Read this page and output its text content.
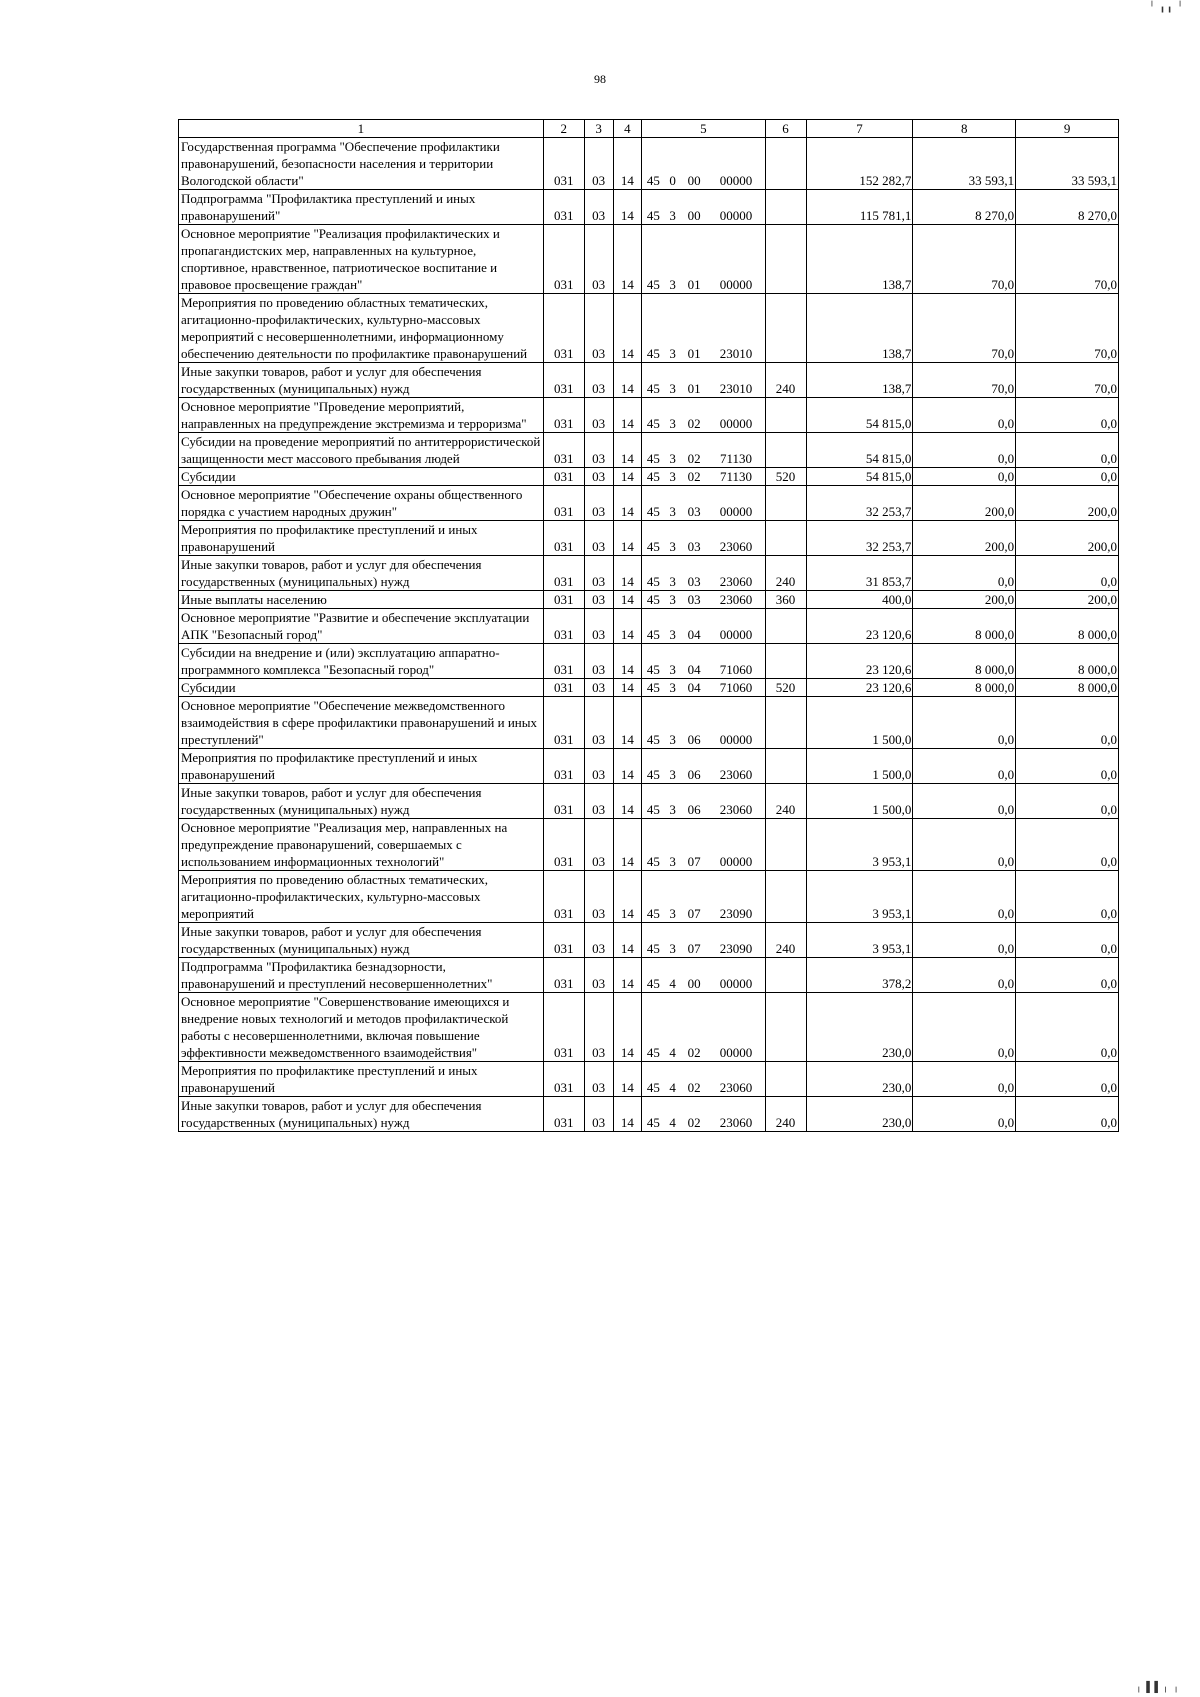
98
1	2	3	4	5				6	7	8	9
Государственная программа "Обеспечение профилактики правонарушений, безопасности населения и территории Вологодской области"	031	03	14	45	0	00	00000		152 282,7	33 593,1	33 593,1
Подпрограмма "Профилактика преступлений и иных правонарушений"	031	03	14	45	3	00	00000		115 781,1	8 270,0	8 270,0
Основное мероприятие "Реализация профилактических и пропагандистских мер, направленных на культурное, спортивное, нравственное, патриотическое воспитание и правовое просвещение граждан"	031	03	14	45	3	01	00000		138,7	70,0	70,0
Мероприятия по проведению областных тематических, агитационно-профилактических, культурно-массовых мероприятий с несовершеннолетними, информационному обеспечению деятельности по профилактике правонарушений	031	03	14	45	3	01	23010		138,7	70,0	70,0
Иные закупки товаров, работ и услуг для обеспечения государственных (муниципальных) нужд	031	03	14	45	3	01	23010	240	138,7	70,0	70,0
Основное мероприятие "Проведение мероприятий, направленных на предупреждение экстремизма и терроризма"	031	03	14	45	3	02	00000		54 815,0	0,0	0,0
Субсидии на проведение мероприятий по антитеррористической защищенности мест массового пребывания людей	031	03	14	45	3	02	71130		54 815,0	0,0	0,0
Субсидии	031	03	14	45	3	02	71130	520	54 815,0	0,0	0,0
Основное мероприятие "Обеспечение охраны общественного порядка с участием народных дружин"	031	03	14	45	3	03	00000		32 253,7	200,0	200,0
Мероприятия по профилактике преступлений и иных правонарушений	031	03	14	45	3	03	23060		32 253,7	200,0	200,0
Иные закупки товаров, работ и услуг для обеспечения государственных (муниципальных) нужд	031	03	14	45	3	03	23060	240	31 853,7	0,0	0,0
Иные выплаты населению	031	03	14	45	3	03	23060	360	400,0	200,0	200,0
Основное мероприятие "Развитие и обеспечение эксплуатации АПК "Безопасный город"	031	03	14	45	3	04	00000		23 120,6	8 000,0	8 000,0
Субсидии на внедрение и (или) эксплуатацию аппаратно-программного комплекса "Безопасный город"	031	03	14	45	3	04	71060		23 120,6	8 000,0	8 000,0
Субсидии	031	03	14	45	3	04	71060	520	23 120,6	8 000,0	8 000,0
Основное мероприятие "Обеспечение межведомственного взаимодействия в сфере профилактики правонарушений и иных преступлений"	031	03	14	45	3	06	00000		1 500,0	0,0	0,0
Мероприятия по профилактике преступлений и иных правонарушений	031	03	14	45	3	06	23060		1 500,0	0,0	0,0
Иные закупки товаров, работ и услуг для обеспечения государственных (муниципальных) нужд	031	03	14	45	3	06	23060	240	1 500,0	0,0	0,0
Основное мероприятие "Реализация мер, направленных на предупреждение правонарушений, совершаемых с использованием информационных технологий"	031	03	14	45	3	07	00000		3 953,1	0,0	0,0
Мероприятия по проведению областных тематических, агитационно-профилактических, культурно-массовых мероприятий	031	03	14	45	3	07	23090		3 953,1	0,0	0,0
Иные закупки товаров, работ и услуг для обеспечения государственных (муниципальных) нужд	031	03	14	45	3	07	23090	240	3 953,1	0,0	0,0
Подпрограмма "Профилактика безнадзорности, правонарушений и преступлений несовершеннолетних"	031	03	14	45	4	00	00000		378,2	0,0	0,0
Основное мероприятие "Совершенствование имеющихся и внедрение новых технологий и методов профилактической работы с несовершеннолетними, включая повышение эффективности межведомственного взаимодействия"	031	03	14	45	4	02	00000		230,0	0,0	0,0
Мероприятия по профилактике преступлений и иных правонарушений	031	03	14	45	4	02	23060		230,0	0,0	0,0
Иные закупки товаров, работ и услуг для обеспечения государственных (муниципальных) нужд	031	03	14	45	4	02	23060	240	230,0	0,0	0,0
╵ ╻╻ ╵
╷ ▌▌╷ ╷
